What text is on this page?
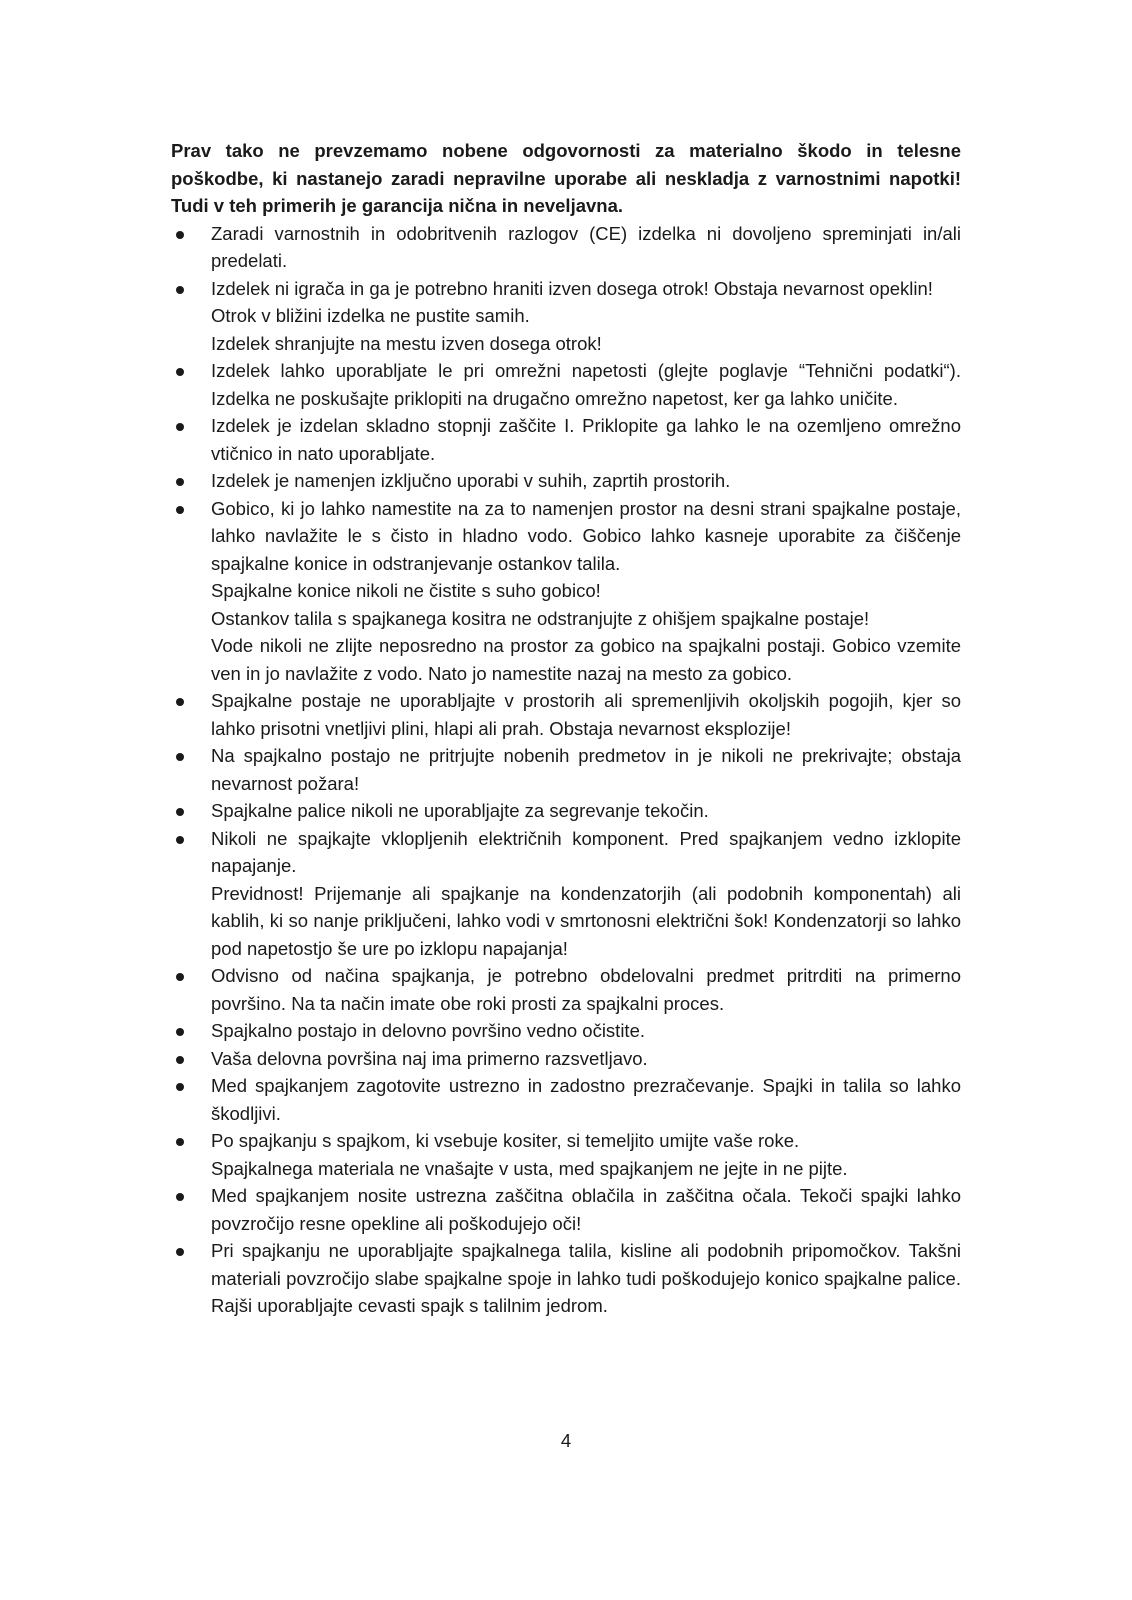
Prav tako ne prevzemamo nobene odgovornosti za materialno škodo in telesne poškodbe, ki nastanejo zaradi nepravilne uporabe ali neskladja z varnostnimi napotki! Tudi v teh primerih je garancija nična in neveljavna.

Zaradi varnostnih in odobritvenih razlogov (CE) izdelka ni dovoljeno spreminjati in/ali predelati.
Izdelek ni igrača in ga je potrebno hraniti izven dosega otrok! Obstaja nevarnost opeklin!
Otrok v bližini izdelka ne pustite samih.
Izdelek shranjujte na mestu izven dosega otrok!
Izdelek lahko uporabljate le pri omrežni napetosti (glejte poglavje “Tehnični podatki“). Izdelka ne poskušajte priklopiti na drugačno omrežno napetost, ker ga lahko uničite.
Izdelek je izdelan skladno stopnji zaščite I. Priklopite ga lahko le na ozemljeno omrežno vtičnico in nato uporabljate.
Izdelek je namenjen izključno uporabi v suhih, zaprtih prostorih.
Gobico, ki jo lahko namestite na za to namenjen prostor na desni strani spajkalne postaje, lahko navlažite le s čisto in hladno vodo. Gobico lahko kasneje uporabite za čiščenje spajkalne konice in odstranjevanje ostankov talila.
Spajkalne konice nikoli ne čistite s suho gobico!
Ostankov talila s spajkanega kositra ne odstranjujte z ohišjem spajkalne postaje!
Vode nikoli ne zlijte neposredno na prostor za gobico na spajkalni postaji. Gobico vzemite ven in jo navlažite z vodo. Nato jo namestite nazaj na mesto za gobico.
Spajkalne postaje ne uporabljajte v prostorih ali spremenljivih okoljskih pogojih, kjer so lahko prisotni vnetljivi plini, hlapi ali prah. Obstaja nevarnost eksplozije!
Na spajkalno postajo ne pritrjujte nobenih predmetov in je nikoli ne prekrivajte; obstaja nevarnost požara!
Spajkalne palice nikoli ne uporabljajte za segrevanje tekočin.
Nikoli ne spajkajte vklopljenih električnih komponent. Pred spajkanjem vedno izklopite napajanje.
Previdnost! Prijemanje ali spajkanje na kondenzatorjih (ali podobnih komponentah) ali kablih, ki so nanje priključeni, lahko vodi v smrtonosni električni šok! Kondenzatorji so lahko pod napetostjo še ure po izklopu napajanja!
Odvisno od načina spajkanja, je potrebno obdelovalni predmet pritrditi na primerno površino. Na ta način imate obe roki prosti za spajkalni proces.
Spajkalno postajo in delovno površino vedno očistite.
Vaša delovna površina naj ima primerno razsvetljavo.
Med spajkanjem zagotovite ustrezno in zadostno prezračevanje. Spajki in talila so lahko škodljivi.
Po spajkanju s spajkom, ki vsebuje kositer, si temeljito umijte vaše roke.
Spajkalnega materiala ne vnašajte v usta, med spajkanjem ne jejte in ne pijte.
Med spajkanjem nosite ustrezna zaščitna oblačila in zaščitna očala. Tekoči spajki lahko povzročijo resne opekline ali poškodujejo oči!
Pri spajkanju ne uporabljajte spajkalnega talila, kisline ali podobnih pripomočkov. Takšni materiali povzročijo slabe spajkalne spoje in lahko tudi poškodujejo konico spajkalne palice. Rajši uporabljajte cevasti spajk s talilnim jedrom.
4
